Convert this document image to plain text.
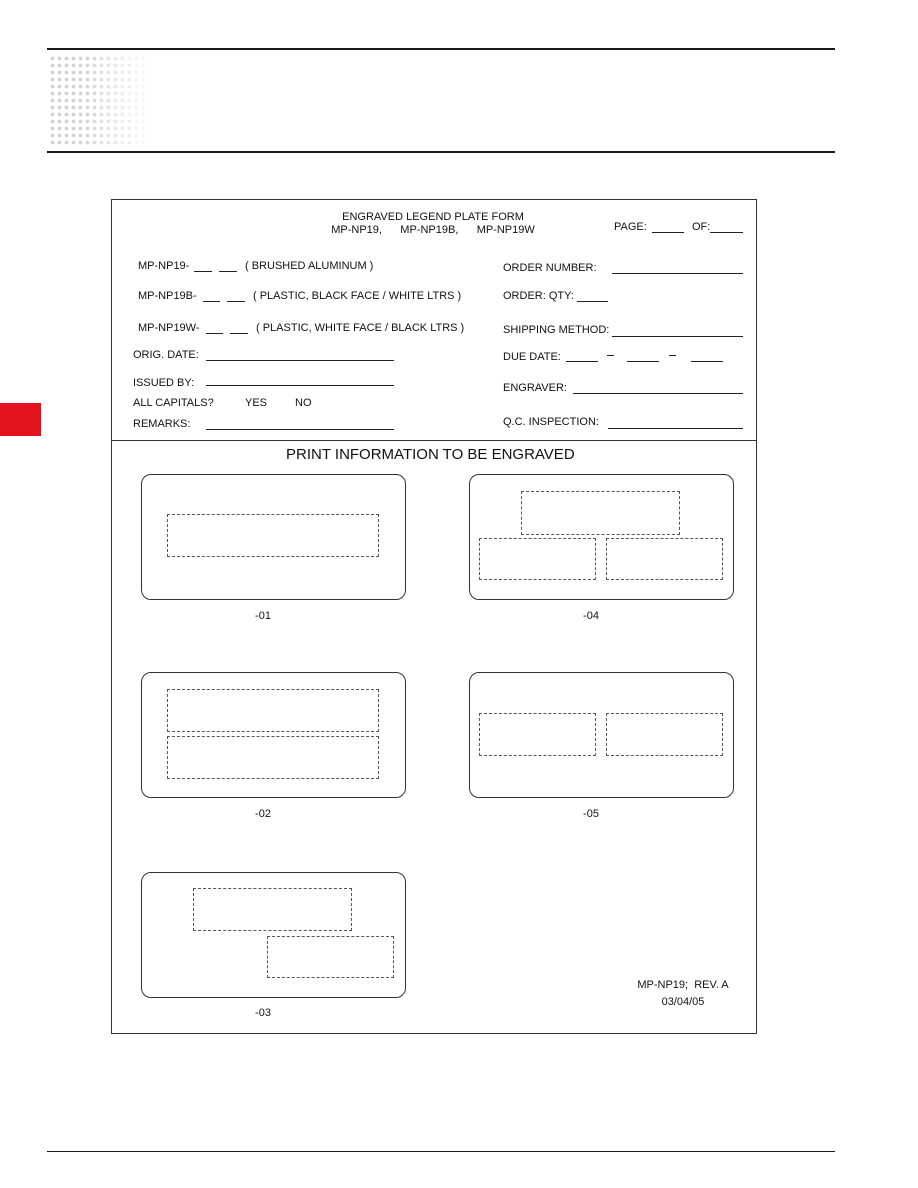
ENGRAVED LEGEND PLATE FORM
MP-NP19,      MP-NP19B,      MP-NP19W	PAGE:	OF:
MP-NP19-	( BRUSHED ALUMINUM )
MP-NP19B-	( PLASTIC, BLACK FACE / WHITE LTRS )
MP-NP19W-	( PLASTIC, WHITE FACE / BLACK LTRS )
ORIG. DATE:
ISSUED BY:
ALL CAPITALS?	YES	NO
REMARKS:
ORDER NUMBER:
ORDER: QTY:
SHIPPING METHOD:
DUE DATE:
ENGRAVER:
Q.C. INSPECTION:
PRINT INFORMATION TO BE ENGRAVED
-01
-02
-03
-04
-05
MP-NP19;  REV. A
03/04/05
